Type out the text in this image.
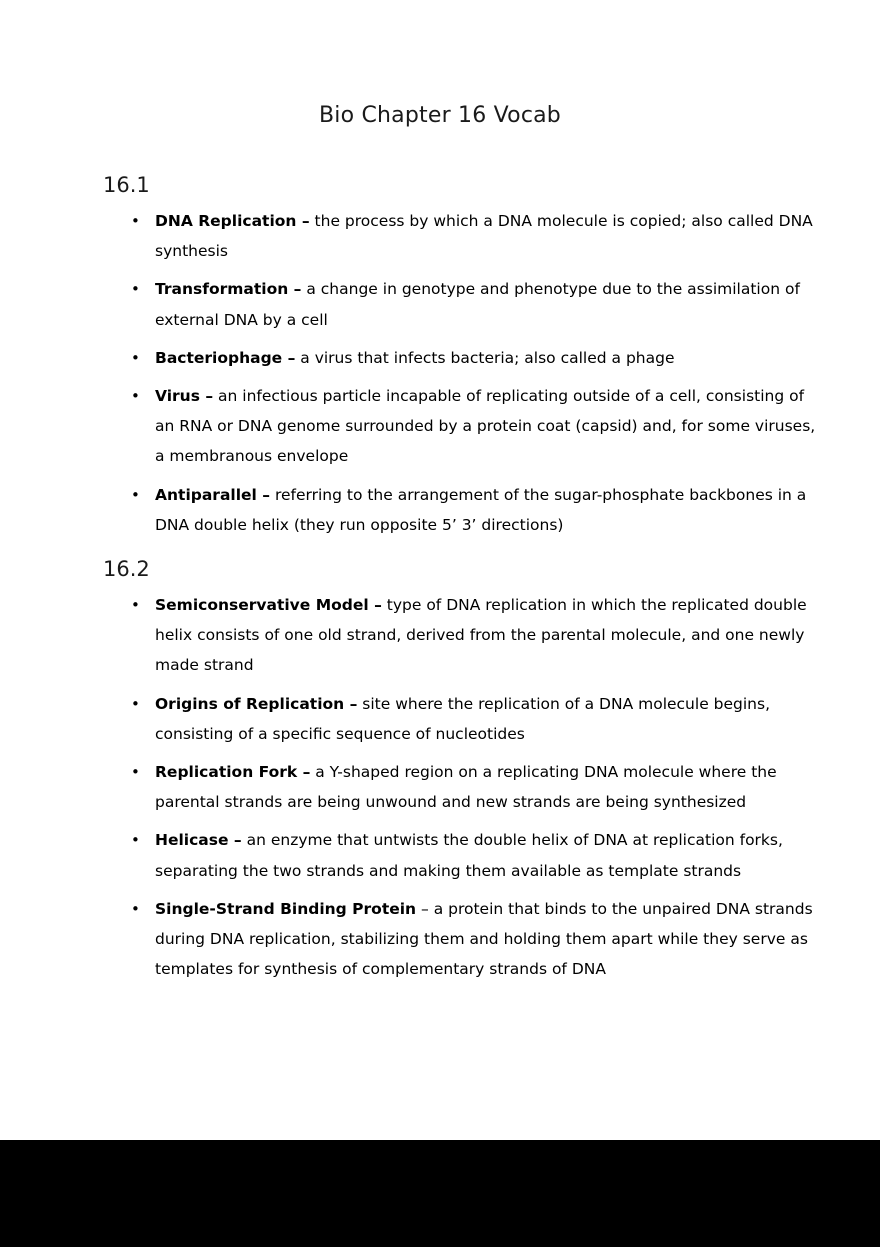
Bio Chapter 16 Vocab
16.1
• DNA Replication – the process by which a DNA molecule is copied; also called DNA synthesis
• Transformation – a change in genotype and phenotype due to the assimilation of external DNA by a cell
• Bacteriophage – a virus that infects bacteria; also called a phage
• Virus – an infectious particle incapable of replicating outside of a cell, consisting of an RNA or DNA genome surrounded by a protein coat (capsid) and, for some viruses, a membranous envelope
• Antiparallel – referring to the arrangement of the sugar-phosphate backbones in a DNA double helix (they run opposite 5’ 3’ directions)
16.2
• Semiconservative Model – type of DNA replication in which the replicated double helix consists of one old strand, derived from the parental molecule, and one newly made strand
• Origins of Replication – site where the replication of a DNA molecule begins, consisting of a specific sequence of nucleotides
• Replication Fork – a Y-shaped region on a replicating DNA molecule where the parental strands are being unwound and new strands are being synthesized
• Helicase – an enzyme that untwists the double helix of DNA at replication forks, separating the two strands and making them available as template strands
• Single-Strand Binding Protein – a protein that binds to the unpaired DNA strands during DNA replication, stabilizing them and holding them apart while they serve as templates for synthesis of complementary strands of DNA
